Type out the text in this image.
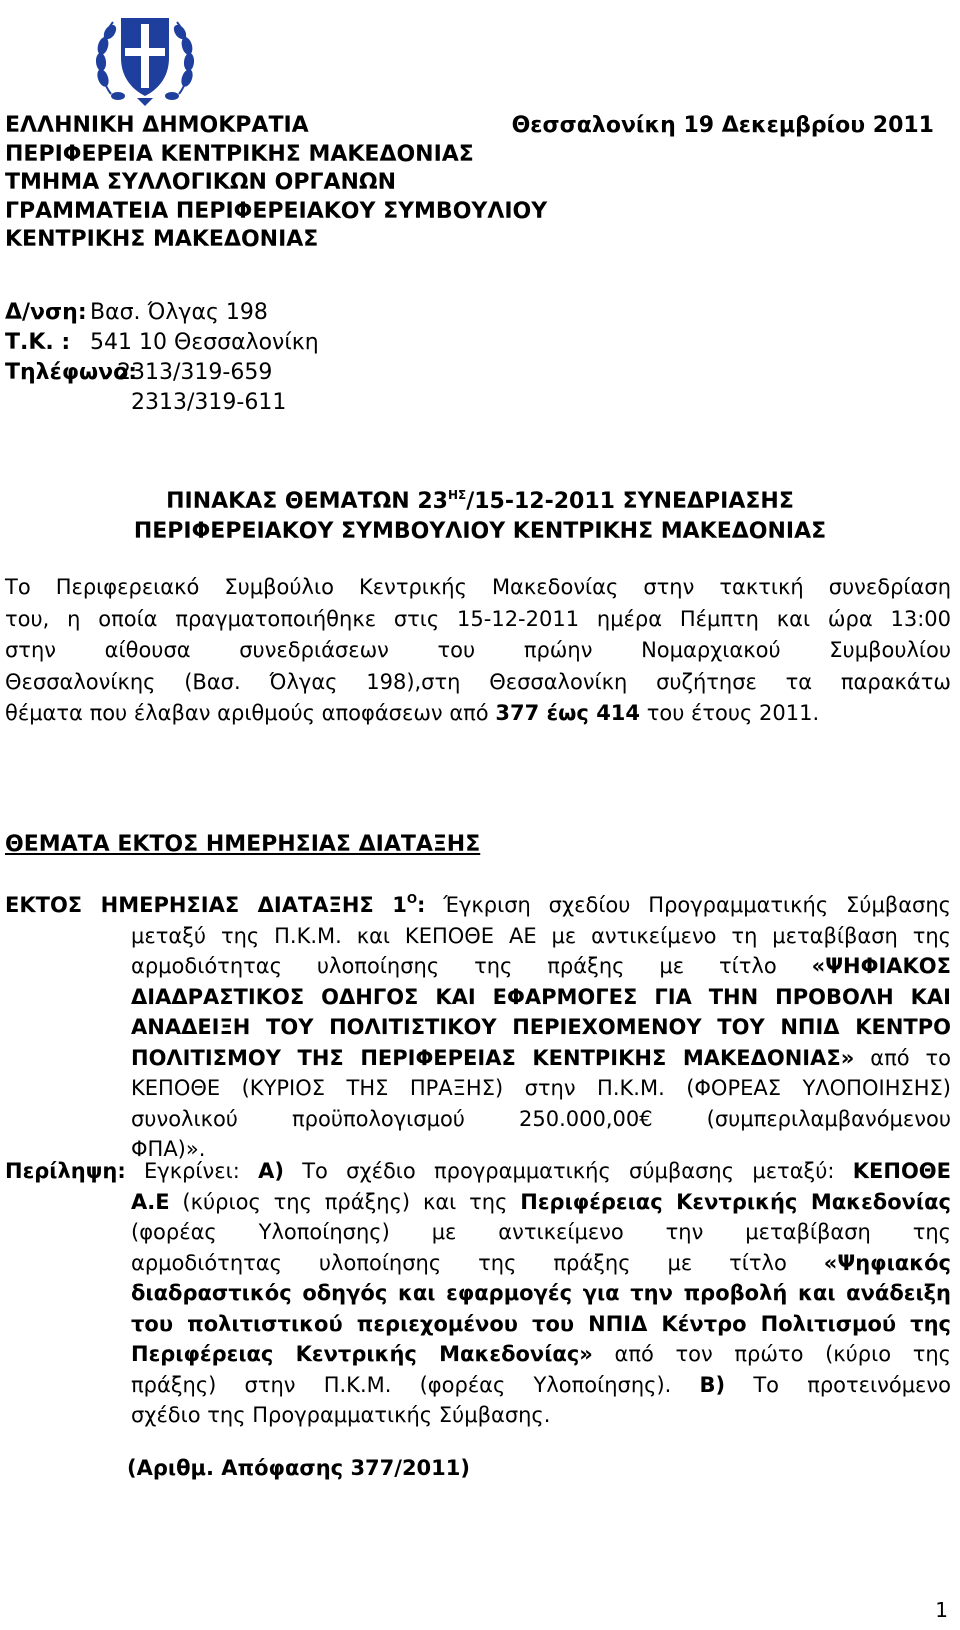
ΕΛΛΗΝΙΚΗ ΔΗΜΟΚΡΑΤΙΑ
ΠΕΡΙΦΕΡΕΙΑ ΚΕΝΤΡΙΚΗΣ ΜΑΚΕΔΟΝΙΑΣ
ΤΜΗΜΑ ΣΥΛΛΟΓΙΚΩΝ ΟΡΓΑΝΩΝ
ΓΡΑΜΜΑΤΕΙΑ ΠΕΡΙΦΕΡΕΙΑΚΟΥ ΣΥΜΒΟΥΛΙΟΥ
ΚΕΝΤΡΙΚΗΣ ΜΑΚΕΔΟΝΙΑΣ
Θεσσαλονίκη 19 Δεκεμβρίου 2011
Δ/νση: Βασ. Όλγας 198
Τ.Κ. : 541 10 Θεσσαλονίκη
Τηλέφωνο:
2313/319-659
2313/319-611
ΠΙΝΑΚΑΣ ΘΕΜΑΤΩΝ $23^{H\Sigma}/15-12-2011$ ΣΥΝΕΔΡΙΑΣΗΣ
ΠΕΡΙΦΕΡΕΙΑΚΟΥ ΣΥΜΒΟΥΛΙΟΥ ΚΕΝΤΡΙΚΗΣ ΜΑΚΕΔΟΝΙΑΣ
Το Περιφερειακό Συμβούλιο Κεντρικής Μακεδονίας στην τακτική συνεδρίαση
του, η οποία πραγματοποιήθηκε στις 15-12-2011 ημέρα Πέμπτη και ώρα 13:00
στην αίθουσα συνεδριάσεων του πρώην Νομαρχιακού Συμβουλίου
Θεσσαλονίκης (Βασ. Όλγας 198),στη Θεσσαλονίκη συζήτησε τα παρακάτω
θέματα που έλαβαν αριθμούς αποφάσεων από 377 έως 414 του έτους 2011.
ΘΕΜΑΤΑ ΕΚΤΟΣ ΗΜΕΡΗΣΙΑΣ ΔΙΑΤΑΞΗΣ
ΕΚΤΟΣ ΗΜΕΡΗΣΙΑΣ ΔΙΑΤΑΞΗΣ $1^O$: Έγκριση σχεδίου Προγραμματικής Σύμβασης
μεταξύ της Π.Κ.Μ. και ΚΕΠΟΘΕ ΑΕ με αντικείμενο τη μεταβίβαση της
αρμοδιότητας υλοποίησης της πράξης με τίτλο «ΨΗΦΙΑΚΟΣ
ΔΙΑΔΡΑΣΤΙΚΟΣ ΟΔΗΓΟΣ ΚΑΙ ΕΦΑΡΜΟΓΕΣ ΓΙΑ ΤΗΝ ΠΡΟΒΟΛΗ ΚΑΙ
ΑΝΑΔΕΙΞΗ ΤΟΥ ΠΟΛΙΤΙΣΤΙΚΟΥ ΠΕΡΙΕΧΟΜΕΝΟΥ ΤΟΥ ΝΠΙΔ ΚΕΝΤΡΟ
ΠΟΛΙΤΙΣΜΟΥ ΤΗΣ ΠΕΡΙΦΕΡΕΙΑΣ ΚΕΝΤΡΙΚΗΣ ΜΑΚΕΔΟΝΙΑΣ» από το
ΚΕΠΟΘΕ (ΚΥΡΙΟΣ ΤΗΣ ΠΡΑΞΗΣ) στην Π.Κ.Μ. (ΦΟΡΕΑΣ ΥΛΟΠΟΙΗΣΗΣ)
συνολικού προϋπολογισμού 250.000,00€ (συμπεριλαμβανόμενου
ΦΠΑ)».
Περίληψη: Εγκρίνει: Α) Το σχέδιο προγραμματικής σύμβασης μεταξύ: ΚΕΠΟΘΕ
Α.Ε (κύριος της πράξης) και της Περιφέρειας Κεντρικής Μακεδονίας
(φορέας Υλοποίησης) με αντικείμενο την μεταβίβαση της
αρμοδιότητας υλοποίησης της πράξης με τίτλο «Ψηφιακός
διαδραστικός οδηγός και εφαρμογές για την προβολή και ανάδειξη
του πολιτιστικού περιεχομένου του ΝΠΙΔ Κέντρο Πολιτισμού της
Περιφέρειας Κεντρικής Μακεδονίας» από τον πρώτο (κύριο της
πράξης) στην Π.Κ.Μ. (φορέας Υλοποίησης). Β) Το προτεινόμενο
σχέδιο της Προγραμματικής Σύμβασης.
(Αριθμ. Απόφασης 377/2011)
1
